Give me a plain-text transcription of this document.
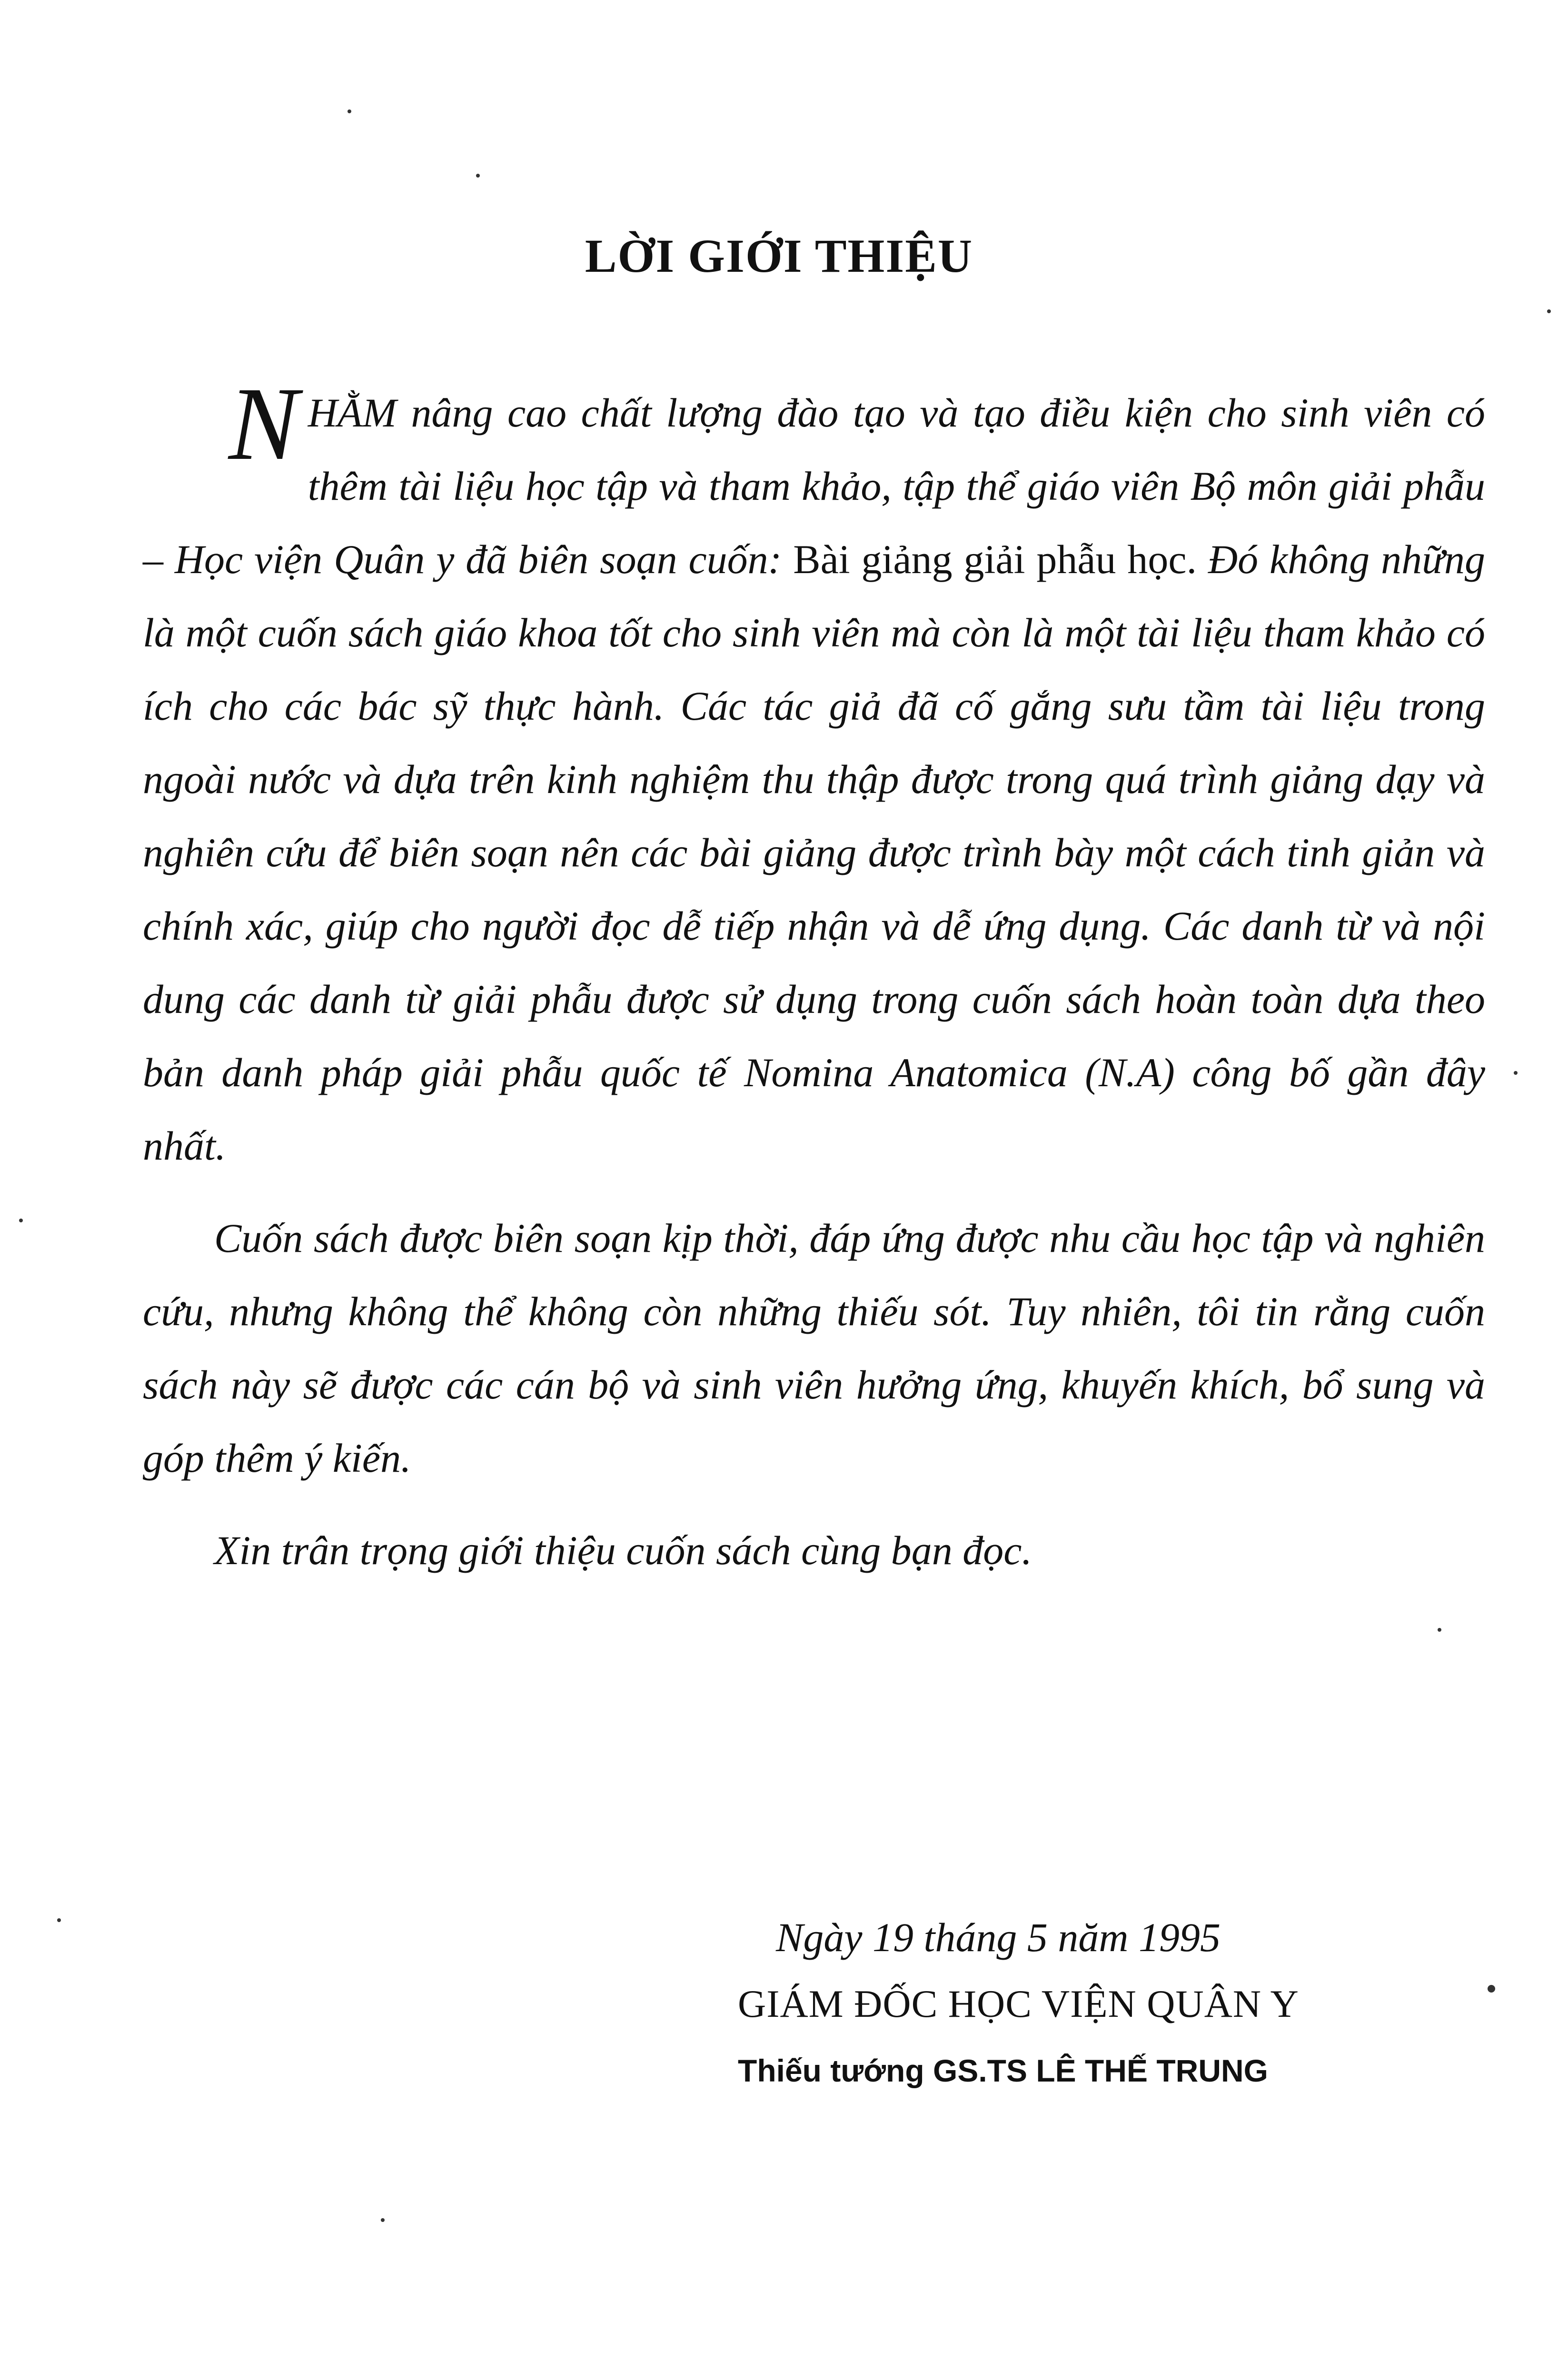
LỜI GIỚI THIỆU

NHẰM nâng cao chất lượng đào tạo và tạo điều kiện cho sinh viên có thêm tài liệu học tập và tham khảo, tập thể giáo viên Bộ môn giải phẫu – Học viện Quân y đã biên soạn cuốn: Bài giảng giải phẫu học. Đó không những là một cuốn sách giáo khoa tốt cho sinh viên mà còn là một tài liệu tham khảo có ích cho các bác sỹ thực hành. Các tác giả đã cố gắng sưu tầm tài liệu trong ngoài nước và dựa trên kinh nghiệm thu thập được trong quá trình giảng dạy và nghiên cứu để biên soạn nên các bài giảng được trình bày một cách tinh giản và chính xác, giúp cho người đọc dễ tiếp nhận và dễ ứng dụng. Các danh từ và nội dung các danh từ giải phẫu được sử dụng trong cuốn sách hoàn toàn dựa theo bản danh pháp giải phẫu quốc tế Nomina Anatomica (N.A) công bố gần đây nhất.

Cuốn sách được biên soạn kịp thời, đáp ứng được nhu cầu học tập và nghiên cứu, nhưng không thể không còn những thiếu sót. Tuy nhiên, tôi tin rằng cuốn sách này sẽ được các cán bộ và sinh viên hưởng ứng, khuyến khích, bổ sung và góp thêm ý kiến.

Xin trân trọng giới thiệu cuốn sách cùng bạn đọc.

Ngày 19 tháng 5 năm 1995
GIÁM ĐỐC HỌC VIỆN QUÂN Y
Thiếu tướng GS.TS LÊ THẾ TRUNG
